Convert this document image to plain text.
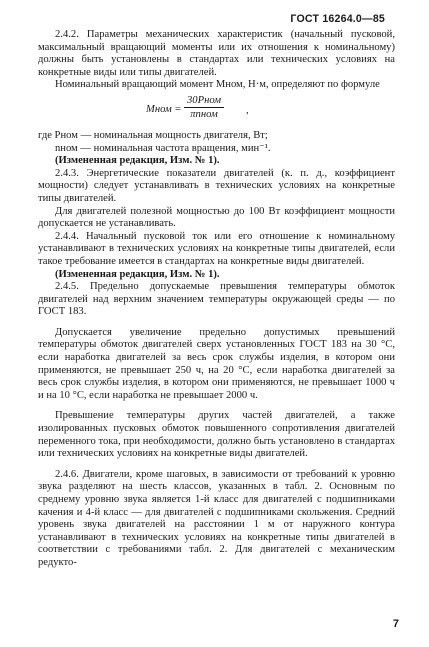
ГОСТ 16264.0—85

2.4.2. Параметры механических характеристик (начальный пусковой, максимальный вращающий моменты или их отношения к номинальному) должны быть установлены в стандартах или технических условиях на конкретные виды или типы двигателей.

Номинальный вращающий момент Mном, Н·м, определяют по формуле

Mном =
30Pном
πnном	,

где Pном — номинальная мощность двигателя, Вт;

nном — номинальная частота вращения, мин⁻¹.

(Измененная редакция, Изм. № 1).

2.4.3. Энергетические показатели двигателей (к. п. д., коэффициент мощности) следует устанавливать в технических условиях на конкретные типы двигателей.

Для двигателей полезной мощностью до 100 Вт коэффициент мощности допускается не устанавливать.

2.4.4. Начальный пусковой ток или его отношение к номинальному устанавливают в технических условиях на конкретные типы двигателей, если такое требование имеется в стандартах на конкретные виды двигателей.

(Измененная редакция, Изм. № 1).

2.4.5. Предельно допускаемые превышения температуры обмоток двигателей над верхним значением температуры окружающей среды — по ГОСТ 183.

Допускается увеличение предельно допустимых превышений температуры обмоток двигателей сверх установленных ГОСТ 183 на 30 °С, если наработка двигателей за весь срок службы изделия, в котором они применяются, не превышает 250 ч, на 20 °С, если наработка двигателей за весь срок службы изделия, в котором они применяются, не превышает 1000 ч и на 10 °С, если наработка не превышает 2000 ч.

Превышение температуры других частей двигателей, а также изолированных пусковых обмоток повышенного сопротивления двигателей переменного тока, при необходимости, должно быть установлено в стандартах или технических условиях на конкретные виды двигателей.

2.4.6. Двигатели, кроме шаговых, в зависимости от требований к уровню звука разделяют на шесть классов, указанных в табл. 2. Основным по среднему уровню звука является 1-й класс для двигателей с подшипниками качения и 4-й класс — для двигателей с подшипниками скольжения. Средний уровень звука двигателей на расстоянии 1 м от наружного контура устанавливают в технических условиях на конкретные типы двигателей в соответствии с требованиями табл. 2. Для двигателей с механическим редукто-

7
